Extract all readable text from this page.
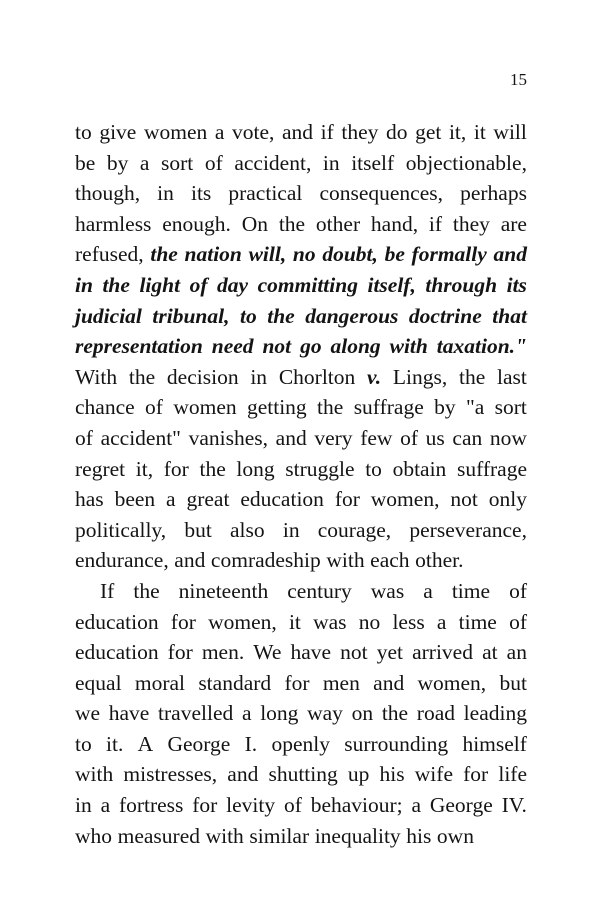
15
to give women a vote, and if they do get it, it will
be by a sort of accident, in itself objectionable,
though, in its practical consequences, perhaps
harmless enough. On the other hand, if they are
refused, the nation will, no doubt, be formally and
in the light of day committing itself, through its
judicial tribunal, to the dangerous doctrine that
representation need not go along with taxation."
With the decision in Chorlton v. Lings, the last
chance of women getting the suffrage by "a sort
of accident" vanishes, and very few of us can now
regret it, for the long struggle to obtain suffrage
has been a great education for women, not only
politically, but also in courage, perseverance,
endurance, and comradeship with each other.
If the nineteenth century was a time of
education for women, it was no less a time of
education for men. We have not yet arrived at an
equal moral standard for men and women, but
we have travelled a long way on the road leading
to it. A George I. openly surrounding himself
with mistresses, and shutting up his wife for life
in a fortress for levity of behaviour; a George IV.
who measured with similar inequality his own
